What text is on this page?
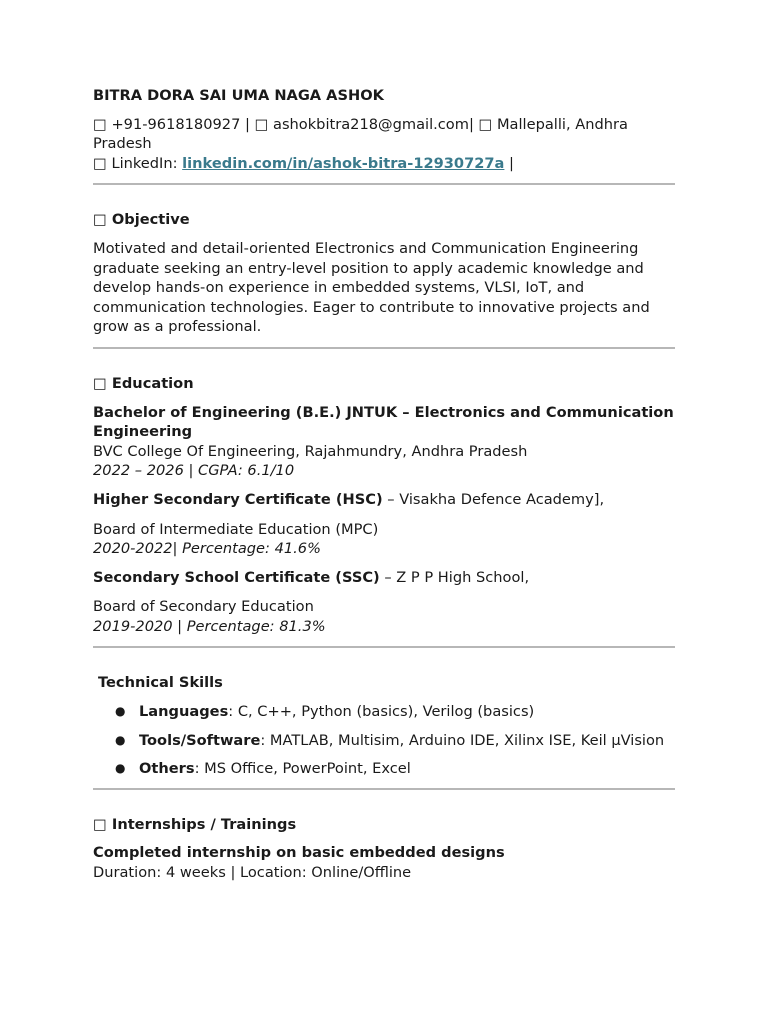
BITRA DORA SAI UMA NAGA ASHOK
□ +91-9618180927 | □ ashokbitra218@gmail.com| □ Mallepalli, Andhra
Pradesh
□ LinkedIn: linkedin.com/in/ashok-bitra-12930727a |
□ Objective

Motivated and detail-oriented Electronics and Communication Engineering graduate seeking an entry-level position to apply academic knowledge and develop hands-on experience in embedded systems, VLSI, IoT, and communication technologies. Eager to contribute to innovative projects and grow as a professional.

□ Education
Bachelor of Engineering (B.E.) JNTUK – Electronics and Communication Engineering
BVC College Of Engineering, Rajahmundry, Andhra Pradesh
2022 – 2026 | CGPA: 6.1/10
Higher Secondary Certificate (HSC) – Visakha Defence Academy],
Board of Intermediate Education (MPC)
2020-2022| Percentage: 41.6%
Secondary School Certificate (SSC) – Z P P High School,
Board of Secondary Education
2019-2020 | Percentage: 81.3%
Technical Skills
● Languages: C, C++, Python (basics), Verilog (basics)
● Tools/Software: MATLAB, Multisim, Arduino IDE, Xilinx ISE, Keil µVision
● Others: MS Office, PowerPoint, Excel
□ Internships / Trainings
Completed internship on basic embedded designs
Duration: 4 weeks | Location: Online/Offline
